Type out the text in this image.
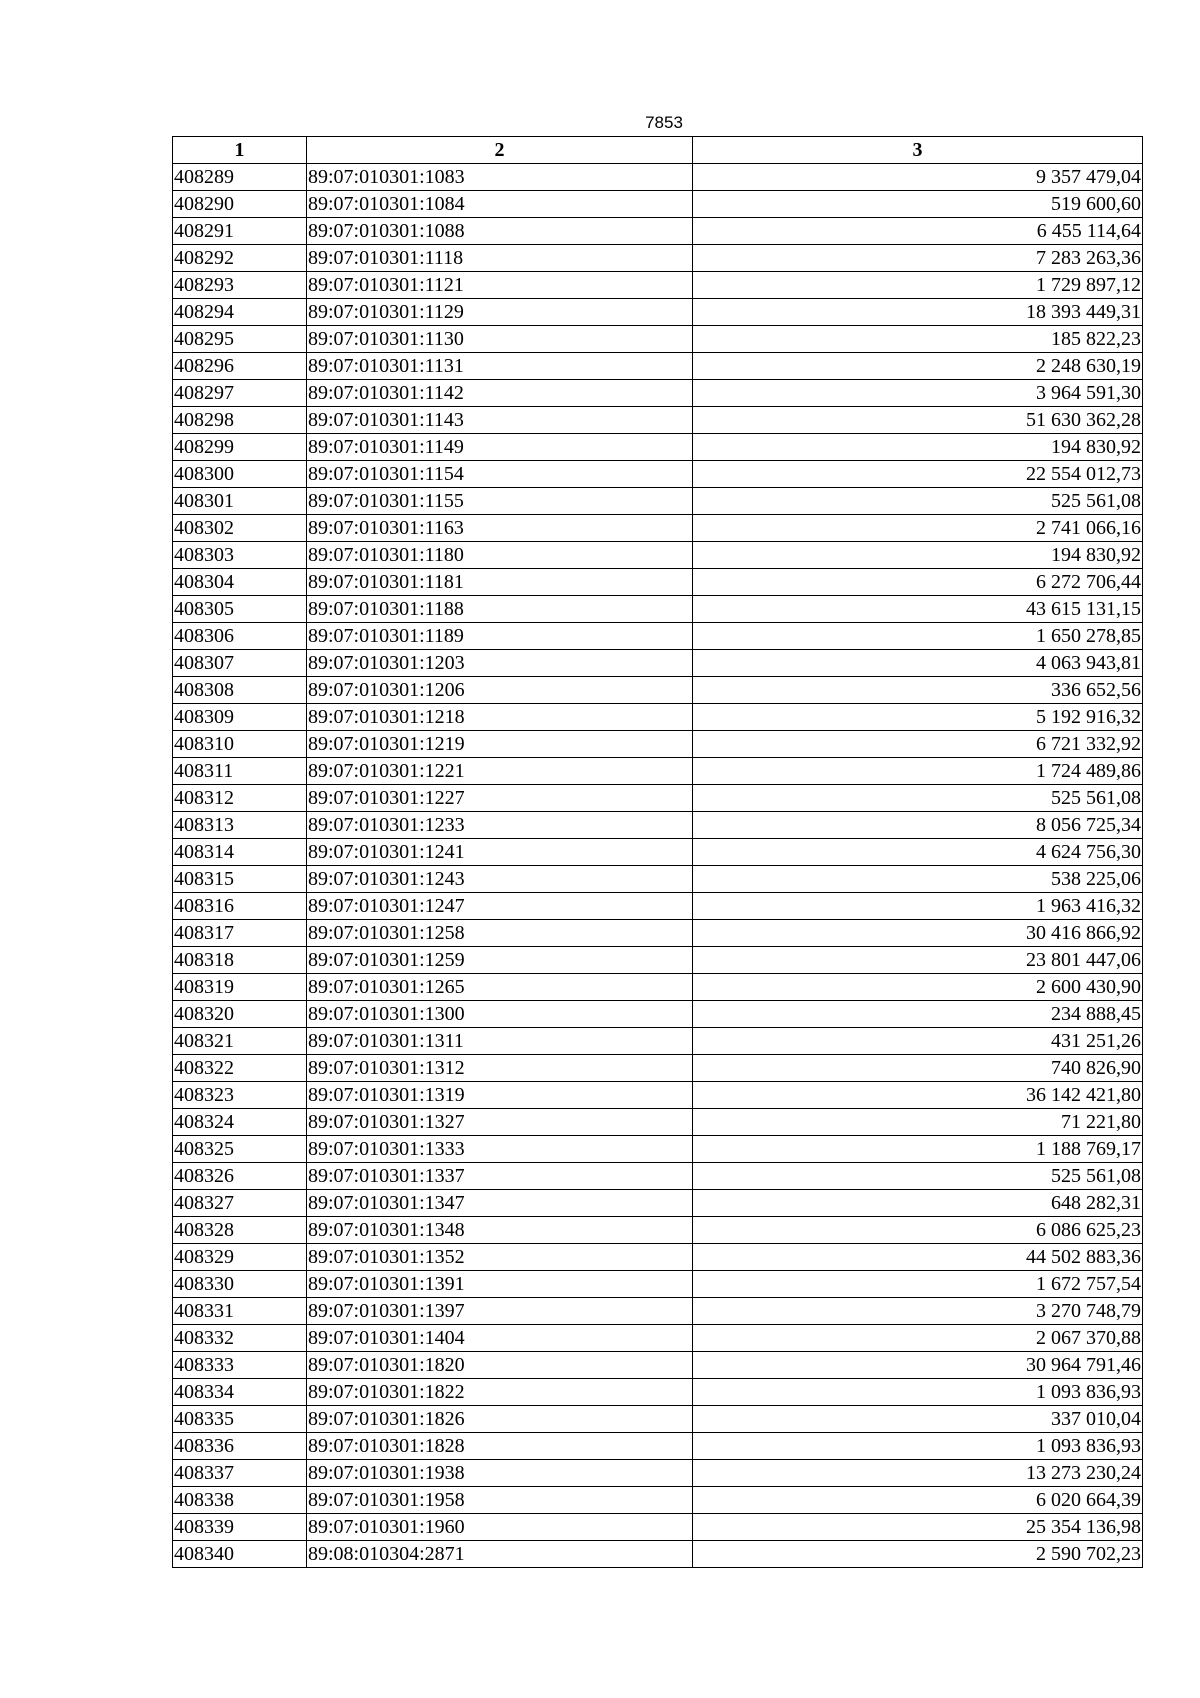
7853
1	2	3
408289	89:07:010301:1083	9 357 479,04
408290	89:07:010301:1084	519 600,60
408291	89:07:010301:1088	6 455 114,64
408292	89:07:010301:1118	7 283 263,36
408293	89:07:010301:1121	1 729 897,12
408294	89:07:010301:1129	18 393 449,31
408295	89:07:010301:1130	185 822,23
408296	89:07:010301:1131	2 248 630,19
408297	89:07:010301:1142	3 964 591,30
408298	89:07:010301:1143	51 630 362,28
408299	89:07:010301:1149	194 830,92
408300	89:07:010301:1154	22 554 012,73
408301	89:07:010301:1155	525 561,08
408302	89:07:010301:1163	2 741 066,16
408303	89:07:010301:1180	194 830,92
408304	89:07:010301:1181	6 272 706,44
408305	89:07:010301:1188	43 615 131,15
408306	89:07:010301:1189	1 650 278,85
408307	89:07:010301:1203	4 063 943,81
408308	89:07:010301:1206	336 652,56
408309	89:07:010301:1218	5 192 916,32
408310	89:07:010301:1219	6 721 332,92
408311	89:07:010301:1221	1 724 489,86
408312	89:07:010301:1227	525 561,08
408313	89:07:010301:1233	8 056 725,34
408314	89:07:010301:1241	4 624 756,30
408315	89:07:010301:1243	538 225,06
408316	89:07:010301:1247	1 963 416,32
408317	89:07:010301:1258	30 416 866,92
408318	89:07:010301:1259	23 801 447,06
408319	89:07:010301:1265	2 600 430,90
408320	89:07:010301:1300	234 888,45
408321	89:07:010301:1311	431 251,26
408322	89:07:010301:1312	740 826,90
408323	89:07:010301:1319	36 142 421,80
408324	89:07:010301:1327	71 221,80
408325	89:07:010301:1333	1 188 769,17
408326	89:07:010301:1337	525 561,08
408327	89:07:010301:1347	648 282,31
408328	89:07:010301:1348	6 086 625,23
408329	89:07:010301:1352	44 502 883,36
408330	89:07:010301:1391	1 672 757,54
408331	89:07:010301:1397	3 270 748,79
408332	89:07:010301:1404	2 067 370,88
408333	89:07:010301:1820	30 964 791,46
408334	89:07:010301:1822	1 093 836,93
408335	89:07:010301:1826	337 010,04
408336	89:07:010301:1828	1 093 836,93
408337	89:07:010301:1938	13 273 230,24
408338	89:07:010301:1958	6 020 664,39
408339	89:07:010301:1960	25 354 136,98
408340	89:08:010304:2871	2 590 702,23
